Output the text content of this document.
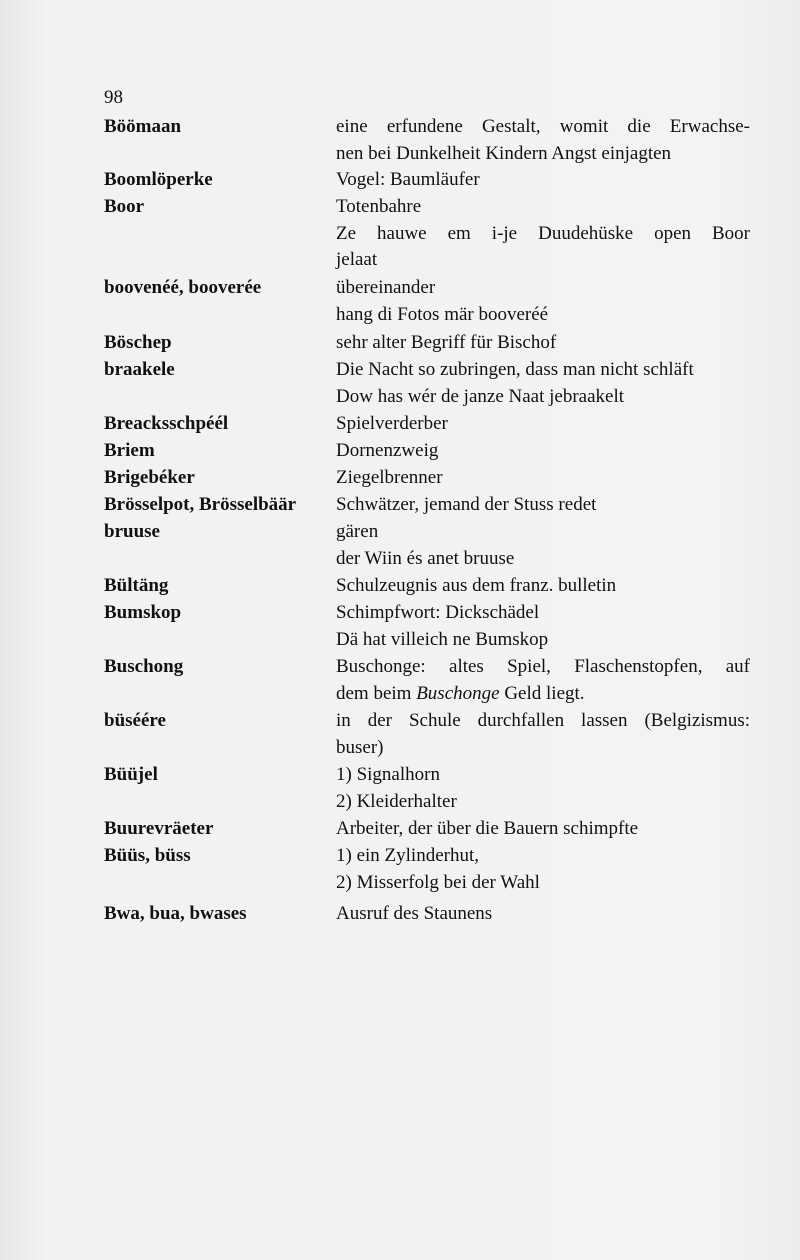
98
Böömaan	eine erfundene Gestalt, womit die Erwachse-
nen bei Dunkelheit Kindern Angst einjagten
Boomlöperke	Vogel: Baumläufer
Boor	Totenbahre
Ze hauwe em i-je Duudehüske open Boor
jelaat
boovenéé, booverée	übereinander
hang di Fotos mär booveréé
Böschep	sehr alter Begriff für Bischof
braakele	Die Nacht so zubringen, dass man nicht schläft
Dow has wér de janze Naat jebraakelt
Breacksschpéél	Spielverderber
Briem	Dornenzweig
Brigebéker	Ziegelbrenner
Brösselpot, Brösselbäär	Schwätzer, jemand der Stuss redet
bruuse	gären
der Wiin és anet bruuse
Bültäng	Schulzeugnis aus dem franz. bulletin
Bumskop	Schimpfwort: Dickschädel
Dä hat villeich ne Bumskop
Buschong	Buschonge: altes Spiel, Flaschenstopfen, auf
dem beim Buschonge Geld liegt.
büséére	in der Schule durchfallen lassen (Belgizismus:
buser)
Büüjel	1) Signalhorn
2) Kleiderhalter
Buurevräeter	Arbeiter, der über die Bauern schimpfte
Büüs, büss	1) ein Zylinderhut,
2) Misserfolg bei der Wahl
Bwa, bua, bwases	Ausruf des Staunens
